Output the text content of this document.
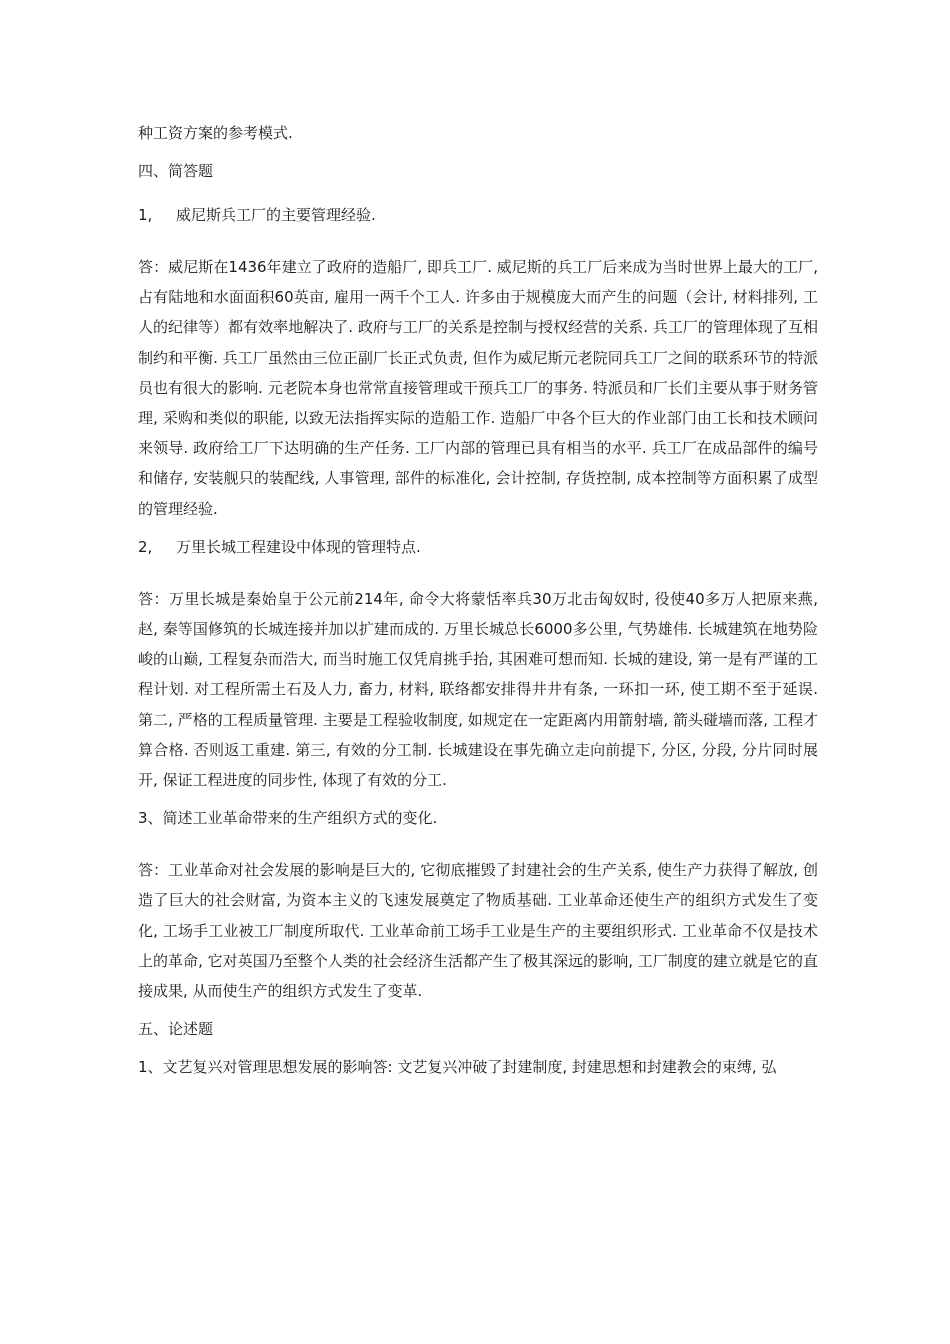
种工资方案的参考模式.
四、简答题
1,	威尼斯兵工厂的主要管理经验.
答：威尼斯在1436年建立了政府的造船厂, 即兵工厂. 威尼斯的兵工厂后来成为当时世界上最大的工厂, 占有陆地和水面面积60英亩, 雇用一两千个工人. 许多由于规模庞大而产生的问题（会计, 材料排列, 工人的纪律等）都有效率地解决了. 政府与工厂的关系是控制与授权经营的关系. 兵工厂的管理体现了互相制约和平衡. 兵工厂虽然由三位正副厂长正式负责, 但作为威尼斯元老院同兵工厂之间的联系环节的特派员也有很大的影响. 元老院本身也常常直接管理或干预兵工厂的事务. 特派员和厂长们主要从事于财务管理, 采购和类似的职能, 以致无法指挥实际的造船工作. 造船厂中各个巨大的作业部门由工长和技术顾问来领导. 政府给工厂下达明确的生产任务. 工厂内部的管理已具有相当的水平. 兵工厂在成品部件的编号和储存, 安装舰只的装配线, 人事管理, 部件的标准化, 会计控制, 存货控制, 成本控制等方面积累了成型的管理经验.
2,	万里长城工程建设中体现的管理特点.
答：万里长城是秦始皇于公元前214年, 命令大将蒙恬率兵30万北击匈奴时, 役使40多万人把原来燕, 赵, 秦等国修筑的长城连接并加以扩建而成的. 万里长城总长6000多公里, 气势雄伟. 长城建筑在地势险峻的山巅, 工程复杂而浩大, 而当时施工仅凭肩挑手抬, 其困难可想而知. 长城的建设, 第一是有严谨的工程计划. 对工程所需土石及人力, 畜力, 材料, 联络都安排得井井有条, 一环扣一环, 使工期不至于延误. 第二, 严格的工程质量管理. 主要是工程验收制度, 如规定在一定距离内用箭射墙, 箭头碰墙而落, 工程才算合格. 否则返工重建. 第三, 有效的分工制. 长城建设在事先确立走向前提下, 分区, 分段, 分片同时展开, 保证工程进度的同步性, 体现了有效的分工.
3、简述工业革命带来的生产组织方式的变化.
答：工业革命对社会发展的影响是巨大的, 它彻底摧毁了封建社会的生产关系, 使生产力获得了解放, 创造了巨大的社会财富, 为资本主义的飞速发展奠定了物质基础. 工业革命还使生产的组织方式发生了变化, 工场手工业被工厂制度所取代. 工业革命前工场手工业是生产的主要组织形式. 工业革命不仅是技术上的革命, 它对英国乃至整个人类的社会经济生活都产生了极其深远的影响, 工厂制度的建立就是它的直接成果, 从而使生产的组织方式发生了变革.
五、论述题
1、文艺复兴对管理思想发展的影响答: 文艺复兴冲破了封建制度, 封建思想和封建教会的束缚, 弘
